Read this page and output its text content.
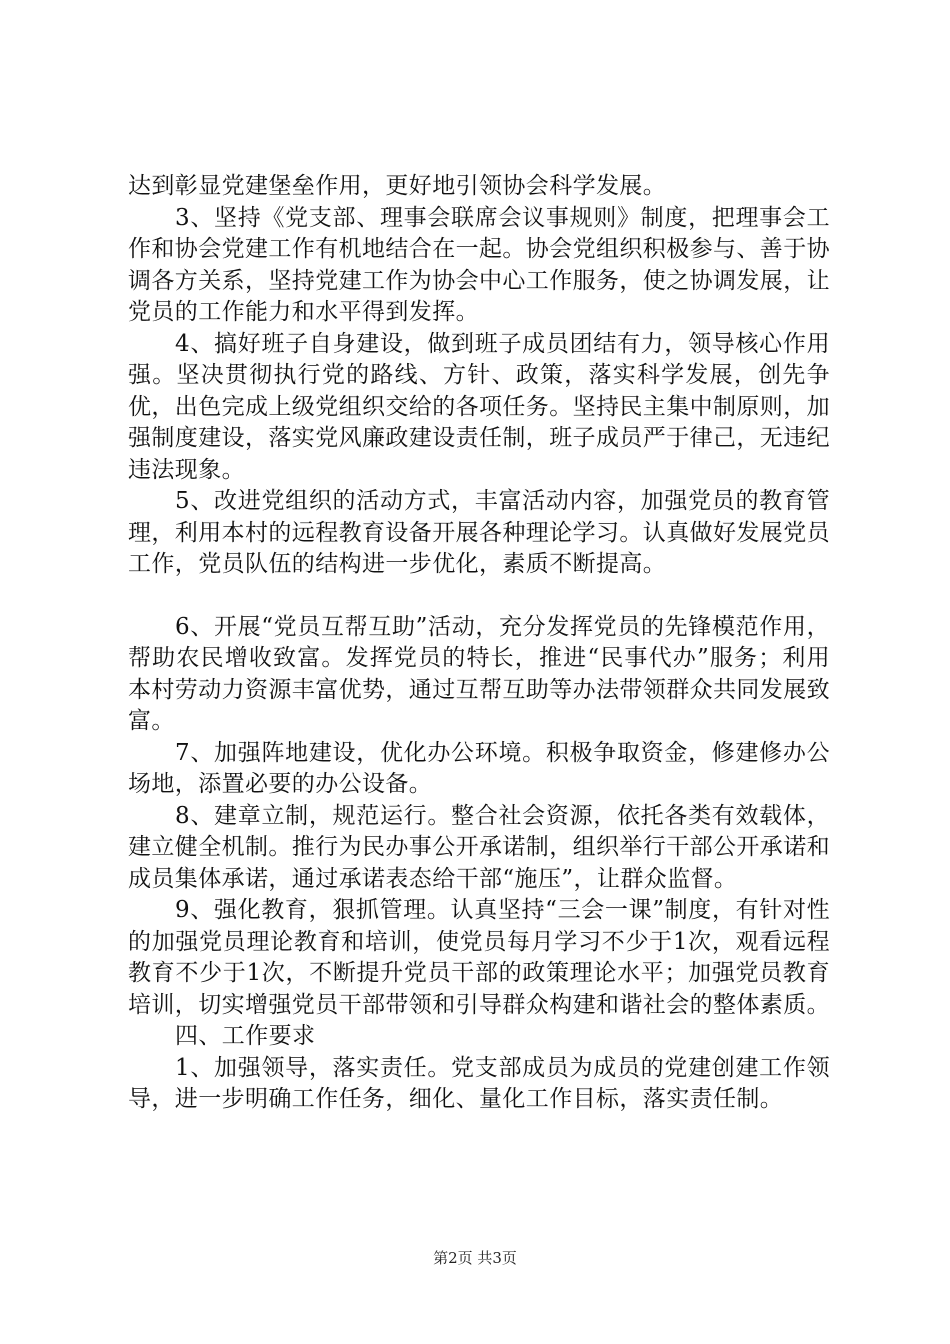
达到彰显党建堡垒作用，更好地引领协会科学发展。

3、坚持《党支部、理事会联席会议事规则》制度，把理事会工作和协会党建工作有机地结合在一起。协会党组织积极参与、善于协调各方关系，坚持党建工作为协会中心工作服务，使之协调发展，让党员的工作能力和水平得到发挥。

4、搞好班子自身建设，做到班子成员团结有力，领导核心作用强。坚决贯彻执行党的路线、方针、政策，落实科学发展，创先争优，出色完成上级党组织交给的各项任务。坚持民主集中制原则，加强制度建设，落实党风廉政建设责任制，班子成员严于律己，无违纪违法现象。

5、改进党组织的活动方式，丰富活动内容，加强党员的教育管理，利用本村的远程教育设备开展各种理论学习。认真做好发展党员工作，党员队伍的结构进一步优化，素质不断提高。

6、开展“党员互帮互助”活动，充分发挥党员的先锋模范作用，帮助农民增收致富。发挥党员的特长，推进“民事代办”服务；利用本村劳动力资源丰富优势，通过互帮互助等办法带领群众共同发展致富。

7、加强阵地建设，优化办公环境。积极争取资金，修建修办公场地，添置必要的办公设备。

8、建章立制，规范运行。整合社会资源，依托各类有效载体，建立健全机制。推行为民办事公开承诺制，组织举行干部公开承诺和成员集体承诺，通过承诺表态给干部“施压”，让群众监督。

9、强化教育，狠抓管理。认真坚持“三会一课”制度，有针对性的加强党员理论教育和培训，使党员每月学习不少于1次，观看远程教育不少于1次，不断提升党员干部的政策理论水平；加强党员教育培训，切实增强党员干部带领和引导群众构建和谐社会的整体素质。

四、工作要求

1、加强领导，落实责任。党支部成员为成员的党建创建工作领导，进一步明确工作任务，细化、量化工作目标，落实责任制。

第2页 共3页
